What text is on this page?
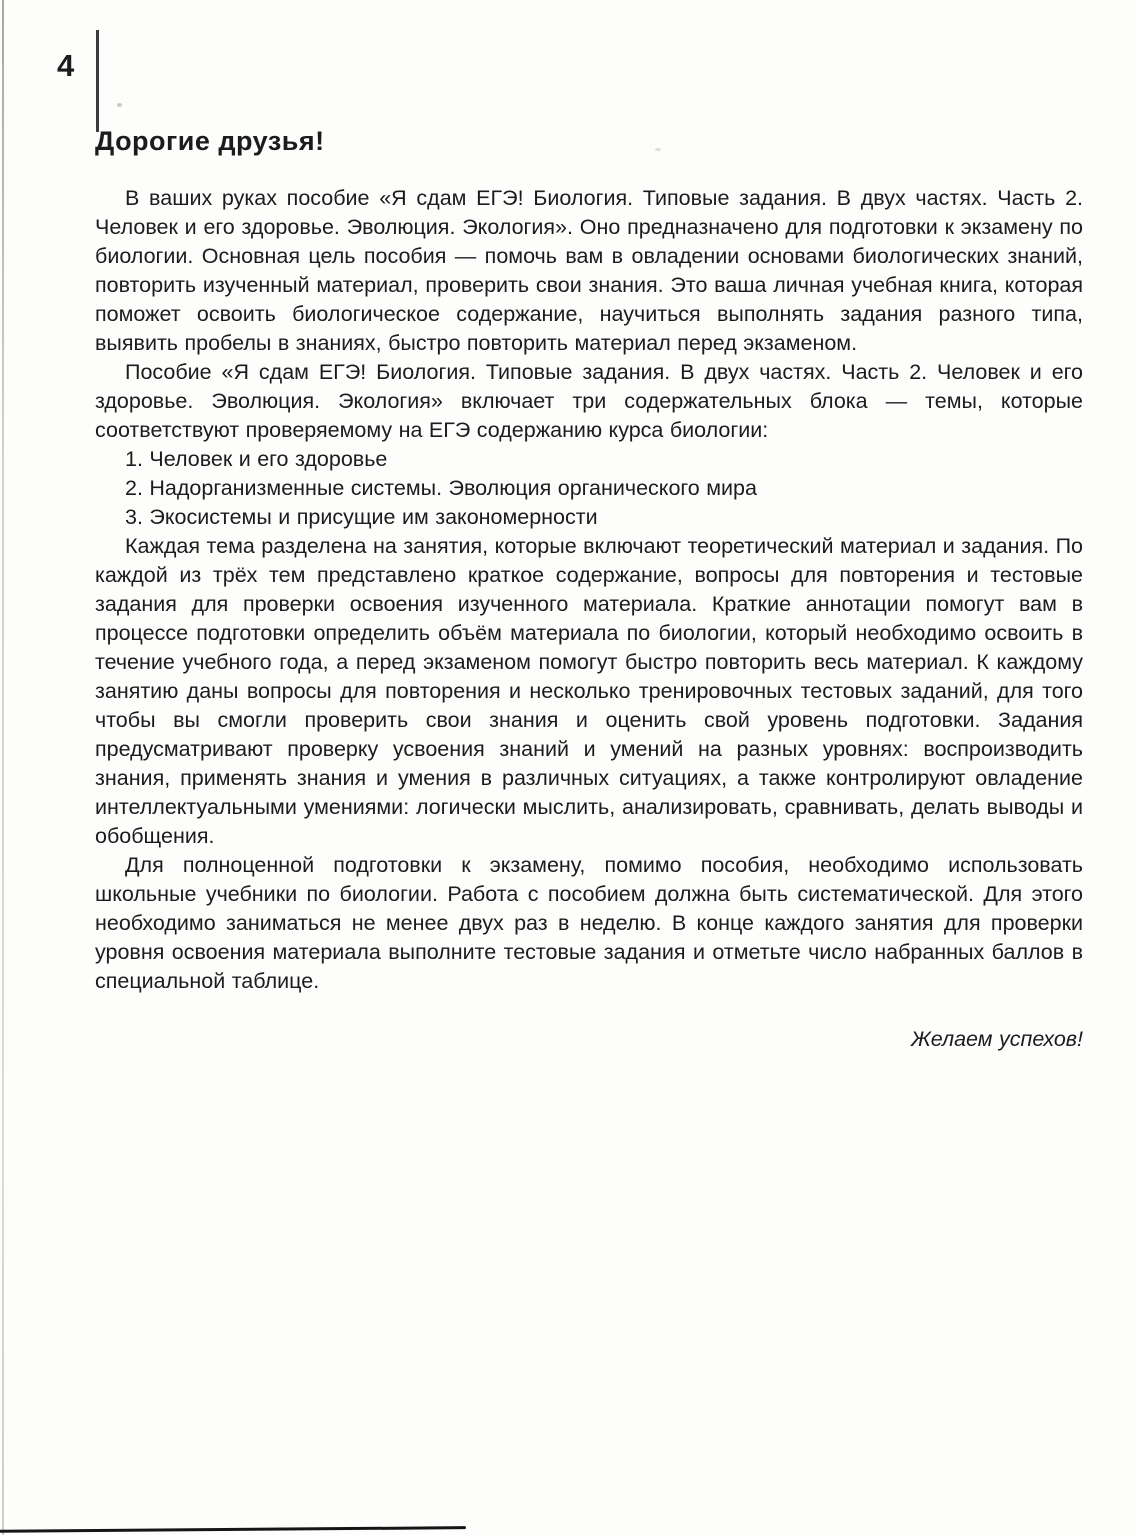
4
Дорогие друзья!

В ваших руках пособие «Я сдам ЕГЭ! Биология. Типовые задания. В двух частях. Часть 2. Человек и его здоровье. Эволюция. Экология». Оно предназначено для подготовки к экзамену по биологии. Основная цель пособия — помочь вам в овладении основами биологических знаний, повторить изученный материал, проверить свои знания. Это ваша личная учебная книга, которая поможет освоить биологическое содержание, научиться выполнять задания разного типа, выявить пробелы в знаниях, быстро повторить материал перед экзаменом.

Пособие «Я сдам ЕГЭ! Биология. Типовые задания. В двух частях. Часть 2. Человек и его здоровье. Эволюция. Экология» включает три содержательных блока — темы, которые соответствуют проверяемому на ЕГЭ содержанию курса биологии:

1. Человек и его здоровье

2. Надорганизменные системы. Эволюция органического мира

3. Экосистемы и присущие им закономерности

Каждая тема разделена на занятия, которые включают теоретический материал и задания. По каждой из трёх тем представлено краткое содержание, вопросы для повторения и тестовые задания для проверки освоения изученного материала. Краткие аннотации помогут вам в процессе подготовки определить объём материала по биологии, который необходимо освоить в течение учебного года, а перед экзаменом помогут быстро повторить весь материал. К каждому занятию даны вопросы для повторения и несколько тренировочных тестовых заданий, для того чтобы вы смогли проверить свои знания и оценить свой уровень подготовки. Задания предусматривают проверку усвоения знаний и умений на разных уровнях: воспроизводить знания, применять знания и умения в различных ситуациях, а также контролируют овладение интеллектуальными умениями: логически мыслить, анализировать, сравнивать, делать выводы и обобщения.

Для полноценной подготовки к экзамену, помимо пособия, необходимо использовать школьные учебники по биологии. Работа с пособием должна быть систематической. Для этого необходимо заниматься не менее двух раз в неделю. В конце каждого занятия для проверки уровня освоения материала выполните тестовые задания и отметьте число набранных баллов в специальной таблице.

Желаем успехов!
